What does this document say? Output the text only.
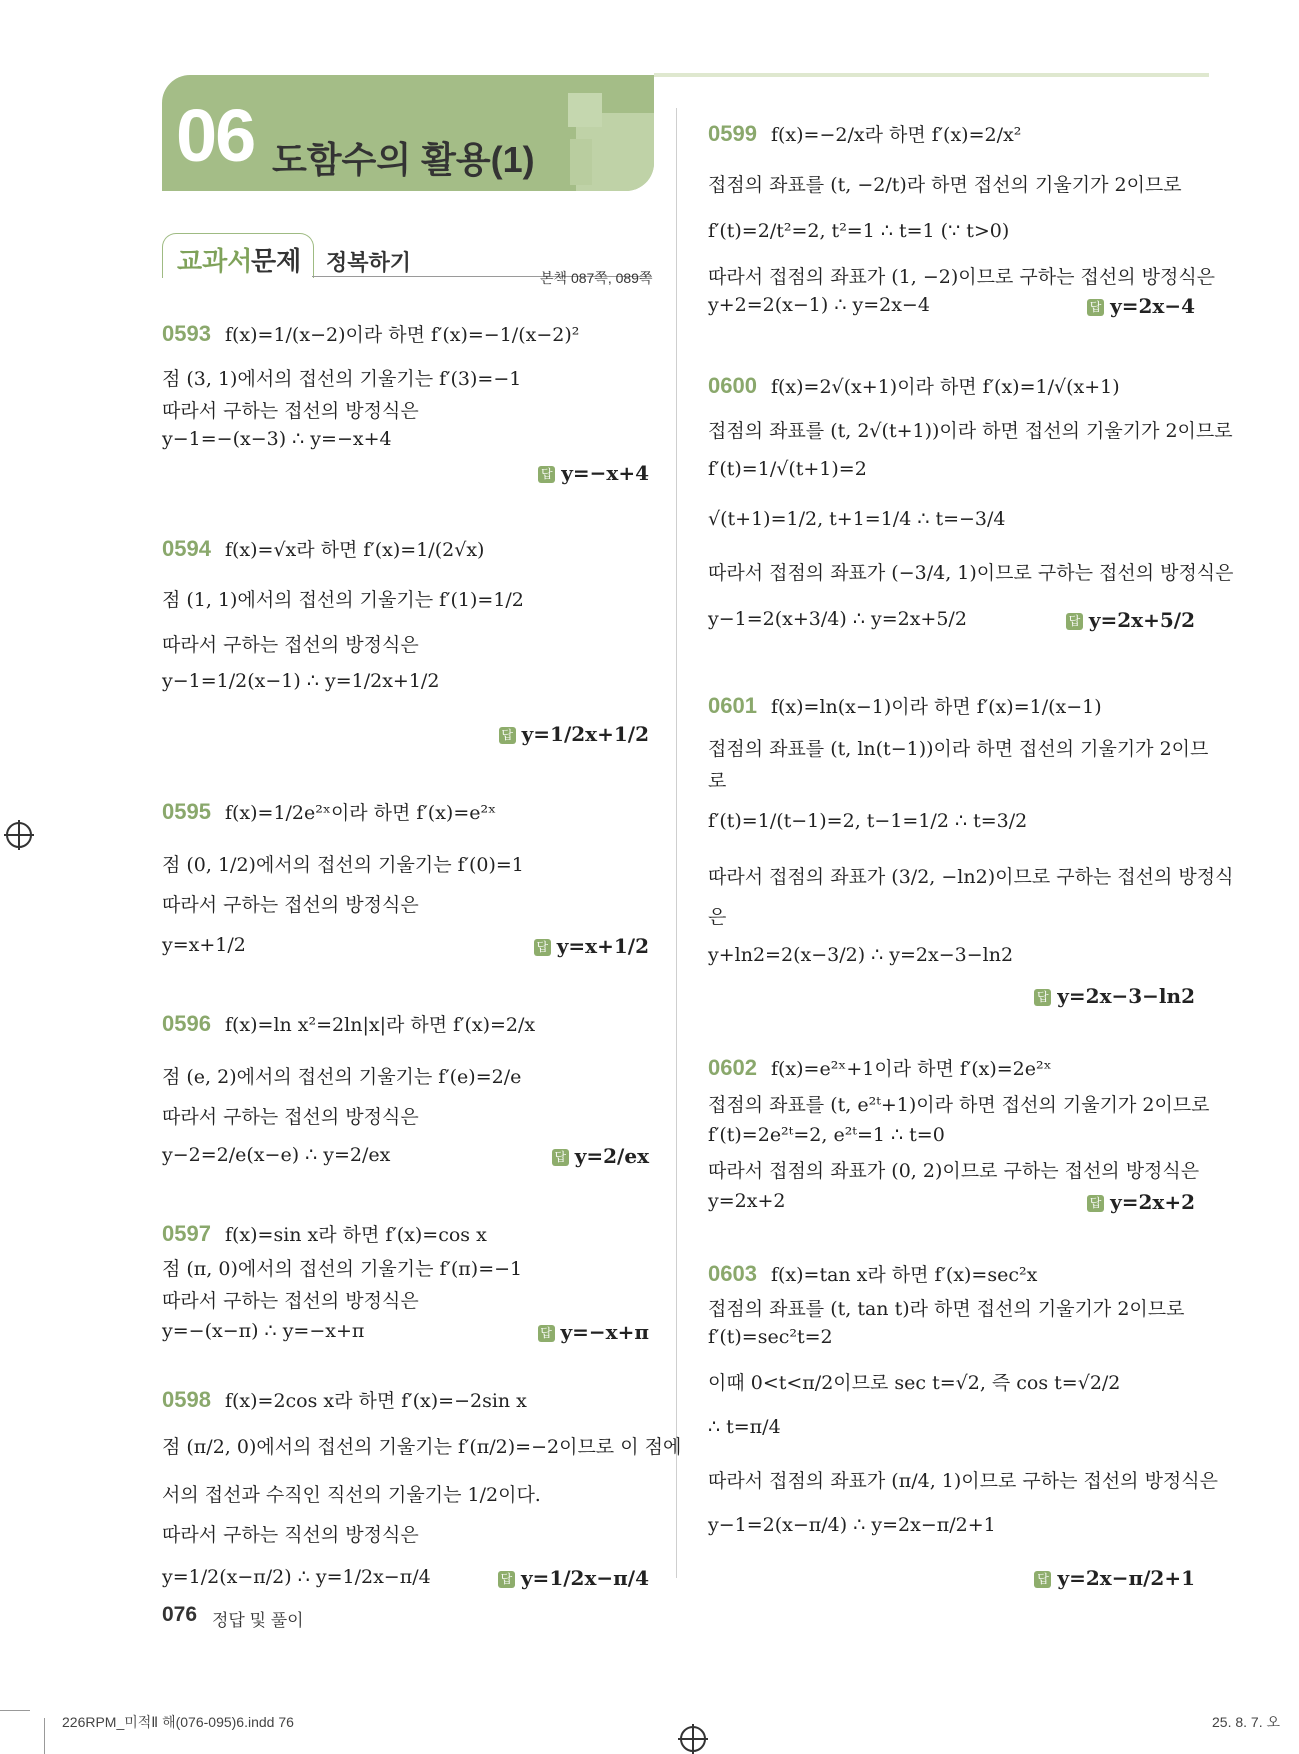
06 도함수의 활용(1)
교과서
문제 정복하기
본책 087쪽, 089쪽
0593 f(x)=1/(x−2)이라 하면 f′(x)=−1/(x−2)²
점 (3, 1)에서의 접선의 기울기는 f′(3)=−1
따라서 구하는 접선의 방정식은
y−1=−(x−3) ∴ y=−x+4
답 y=−x+4
0594 f(x)=√x라 하면 f′(x)=1/(2√x)
점 (1, 1)에서의 접선의 기울기는 f′(1)=1/2
따라서 구하는 접선의 방정식은
y−1=1/2(x−1) ∴ y=1/2x+1/2
답 y=1/2x+1/2
0595 f(x)=1/2e²ˣ이라 하면 f′(x)=e²ˣ
점 (0, 1/2)에서의 접선의 기울기는 f′(0)=1
따라서 구하는 접선의 방정식은
y=x+1/2	답 y=x+1/2
0596 f(x)=ln x²=2ln|x|라 하면 f′(x)=2/x
점 (e, 2)에서의 접선의 기울기는 f′(e)=2/e
따라서 구하는 접선의 방정식은
y−2=2/e(x−e) ∴ y=2/ex	답 y=2/ex
0597 f(x)=sin x라 하면 f′(x)=cos x
점 (π, 0)에서의 접선의 기울기는 f′(π)=−1
따라서 구하는 접선의 방정식은
y=−(x−π) ∴ y=−x+π	답 y=−x+π
0598 f(x)=2cos x라 하면 f′(x)=−2sin x
점 (π/2, 0)에서의 접선의 기울기는 f′(π/2)=−2이므로 이 점에
서의 접선과 수직인 직선의 기울기는 1/2이다.
따라서 구하는 직선의 방정식은
y=1/2(x−π/2) ∴ y=1/2x−π/4	답 y=1/2x−π/4
0599 f(x)=−2/x라 하면 f′(x)=2/x²
접점의 좌표를 (t, −2/t)라 하면 접선의 기울기가 2이므로
f′(t)=2/t²=2, t²=1 ∴ t=1 (∵ t>0)
따라서 접점의 좌표가 (1, −2)이므로 구하는 접선의 방정식은
y+2=2(x−1) ∴ y=2x−4	답 y=2x−4
0600 f(x)=2√(x+1)이라 하면 f′(x)=1/√(x+1)
접점의 좌표를 (t, 2√(t+1))이라 하면 접선의 기울기가 2이므로
f′(t)=1/√(t+1)=2
√(t+1)=1/2, t+1=1/4 ∴ t=−3/4
따라서 접점의 좌표가 (−3/4, 1)이므로 구하는 접선의 방정식은
y−1=2(x+3/4) ∴ y=2x+5/2	답 y=2x+5/2
0601 f(x)=ln(x−1)이라 하면 f′(x)=1/(x−1)
접점의 좌표를 (t, ln(t−1))이라 하면 접선의 기울기가 2이므
로
f′(t)=1/(t−1)=2, t−1=1/2 ∴ t=3/2
따라서 접점의 좌표가 (3/2, −ln2)이므로 구하는 접선의 방정식
은
y+ln2=2(x−3/2) ∴ y=2x−3−ln2
답 y=2x−3−ln2
0602 f(x)=e²ˣ+1이라 하면 f′(x)=2e²ˣ
접점의 좌표를 (t, e²ᵗ+1)이라 하면 접선의 기울기가 2이므로
f′(t)=2e²ᵗ=2, e²ᵗ=1 ∴ t=0
따라서 접점의 좌표가 (0, 2)이므로 구하는 접선의 방정식은
y=2x+2	답 y=2x+2
0603 f(x)=tan x라 하면 f′(x)=sec²x
접점의 좌표를 (t, tan t)라 하면 접선의 기울기가 2이므로
f′(t)=sec²t=2
이때 0<t<π/2이므로 sec t=√2, 즉 cos t=√2/2
∴ t=π/4
따라서 접점의 좌표가 (π/4, 1)이므로 구하는 접선의 방정식은
y−1=2(x−π/4) ∴ y=2x−π/2+1
답 y=2x−π/2+1
076 정답 및 풀이
226RPM_미적Ⅱ 해(076-095)6.indd 76	25. 8. 7. 오
